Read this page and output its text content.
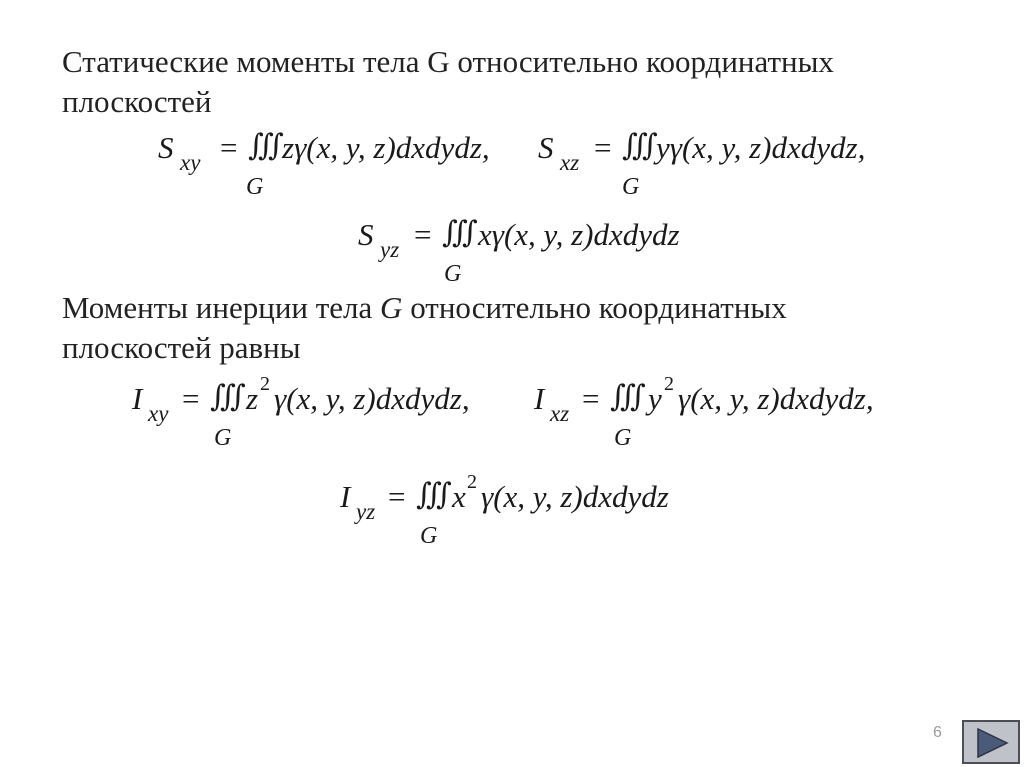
Статические моменты тела G относительно координатных
плоскостей
S xy = ∭
G
zγ(x, y, z)dxdydz, S xz = ∭
G
yγ(x, y, z)dxdydz,
S yz = ∭
G
xγ(x, y, z)dxdydz
Моменты инерции тела G относительно координатных
плоскостей равны
I xy = ∭
G
z 2 γ(x, y, z)dxdydz, I xz = ∭
G
y 2 γ(x, y, z)dxdydz,
I yz = ∭
G
x 2 γ(x, y, z)dxdydz
6
